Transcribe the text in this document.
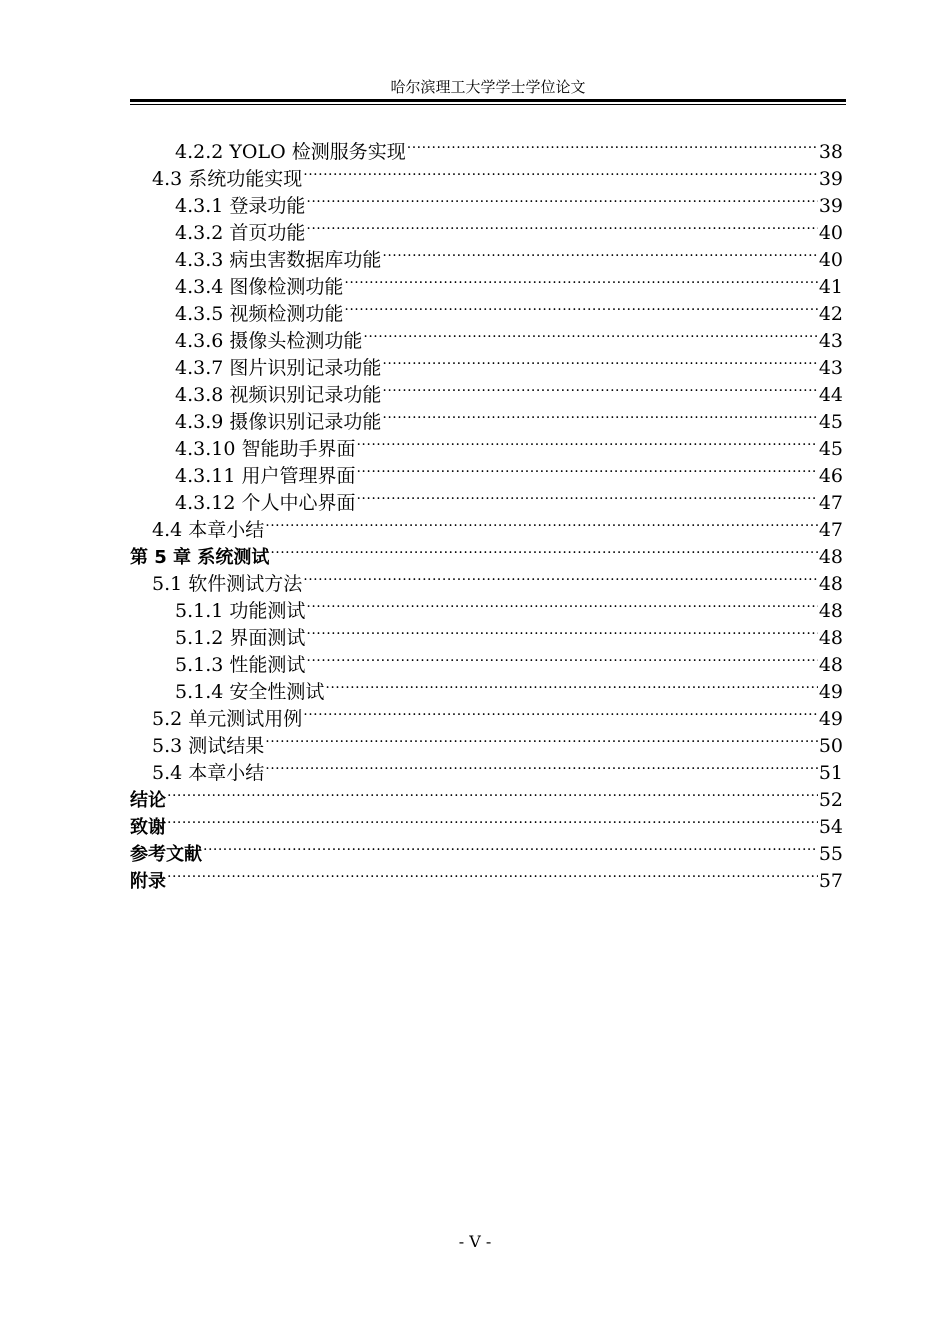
哈尔滨理工大学学士学位论文
4.2.2 YOLO 检测服务实现 .....	38
4.3 系统功能实现 .....	39
4.3.1 登录功能 .....	39
4.3.2 首页功能 .....	40
4.3.3 病虫害数据库功能 .....	40
4.3.4 图像检测功能 .....	41
4.3.5 视频检测功能 .....	42
4.3.6 摄像头检测功能 .....	43
4.3.7 图片识别记录功能 .....	43
4.3.8 视频识别记录功能 .....	44
4.3.9 摄像识别记录功能 .....	45
4.3.10 智能助手界面 .....	45
4.3.11 用户管理界面 .....	46
4.3.12 个人中心界面 .....	47
4.4 本章小结 .....	47
第 5 章 系统测试 .....	48
5.1 软件测试方法 .....	48
5.1.1 功能测试 .....	48
5.1.2 界面测试 .....	48
5.1.3 性能测试 .....	48
5.1.4 安全性测试 .....	49
5.2 单元测试用例 .....	49
5.3 测试结果 .....	50
5.4 本章小结 .....	51
结论 .....	52
致谢 .....	54
参考文献 .....	55
附录 .....	57
- V -
